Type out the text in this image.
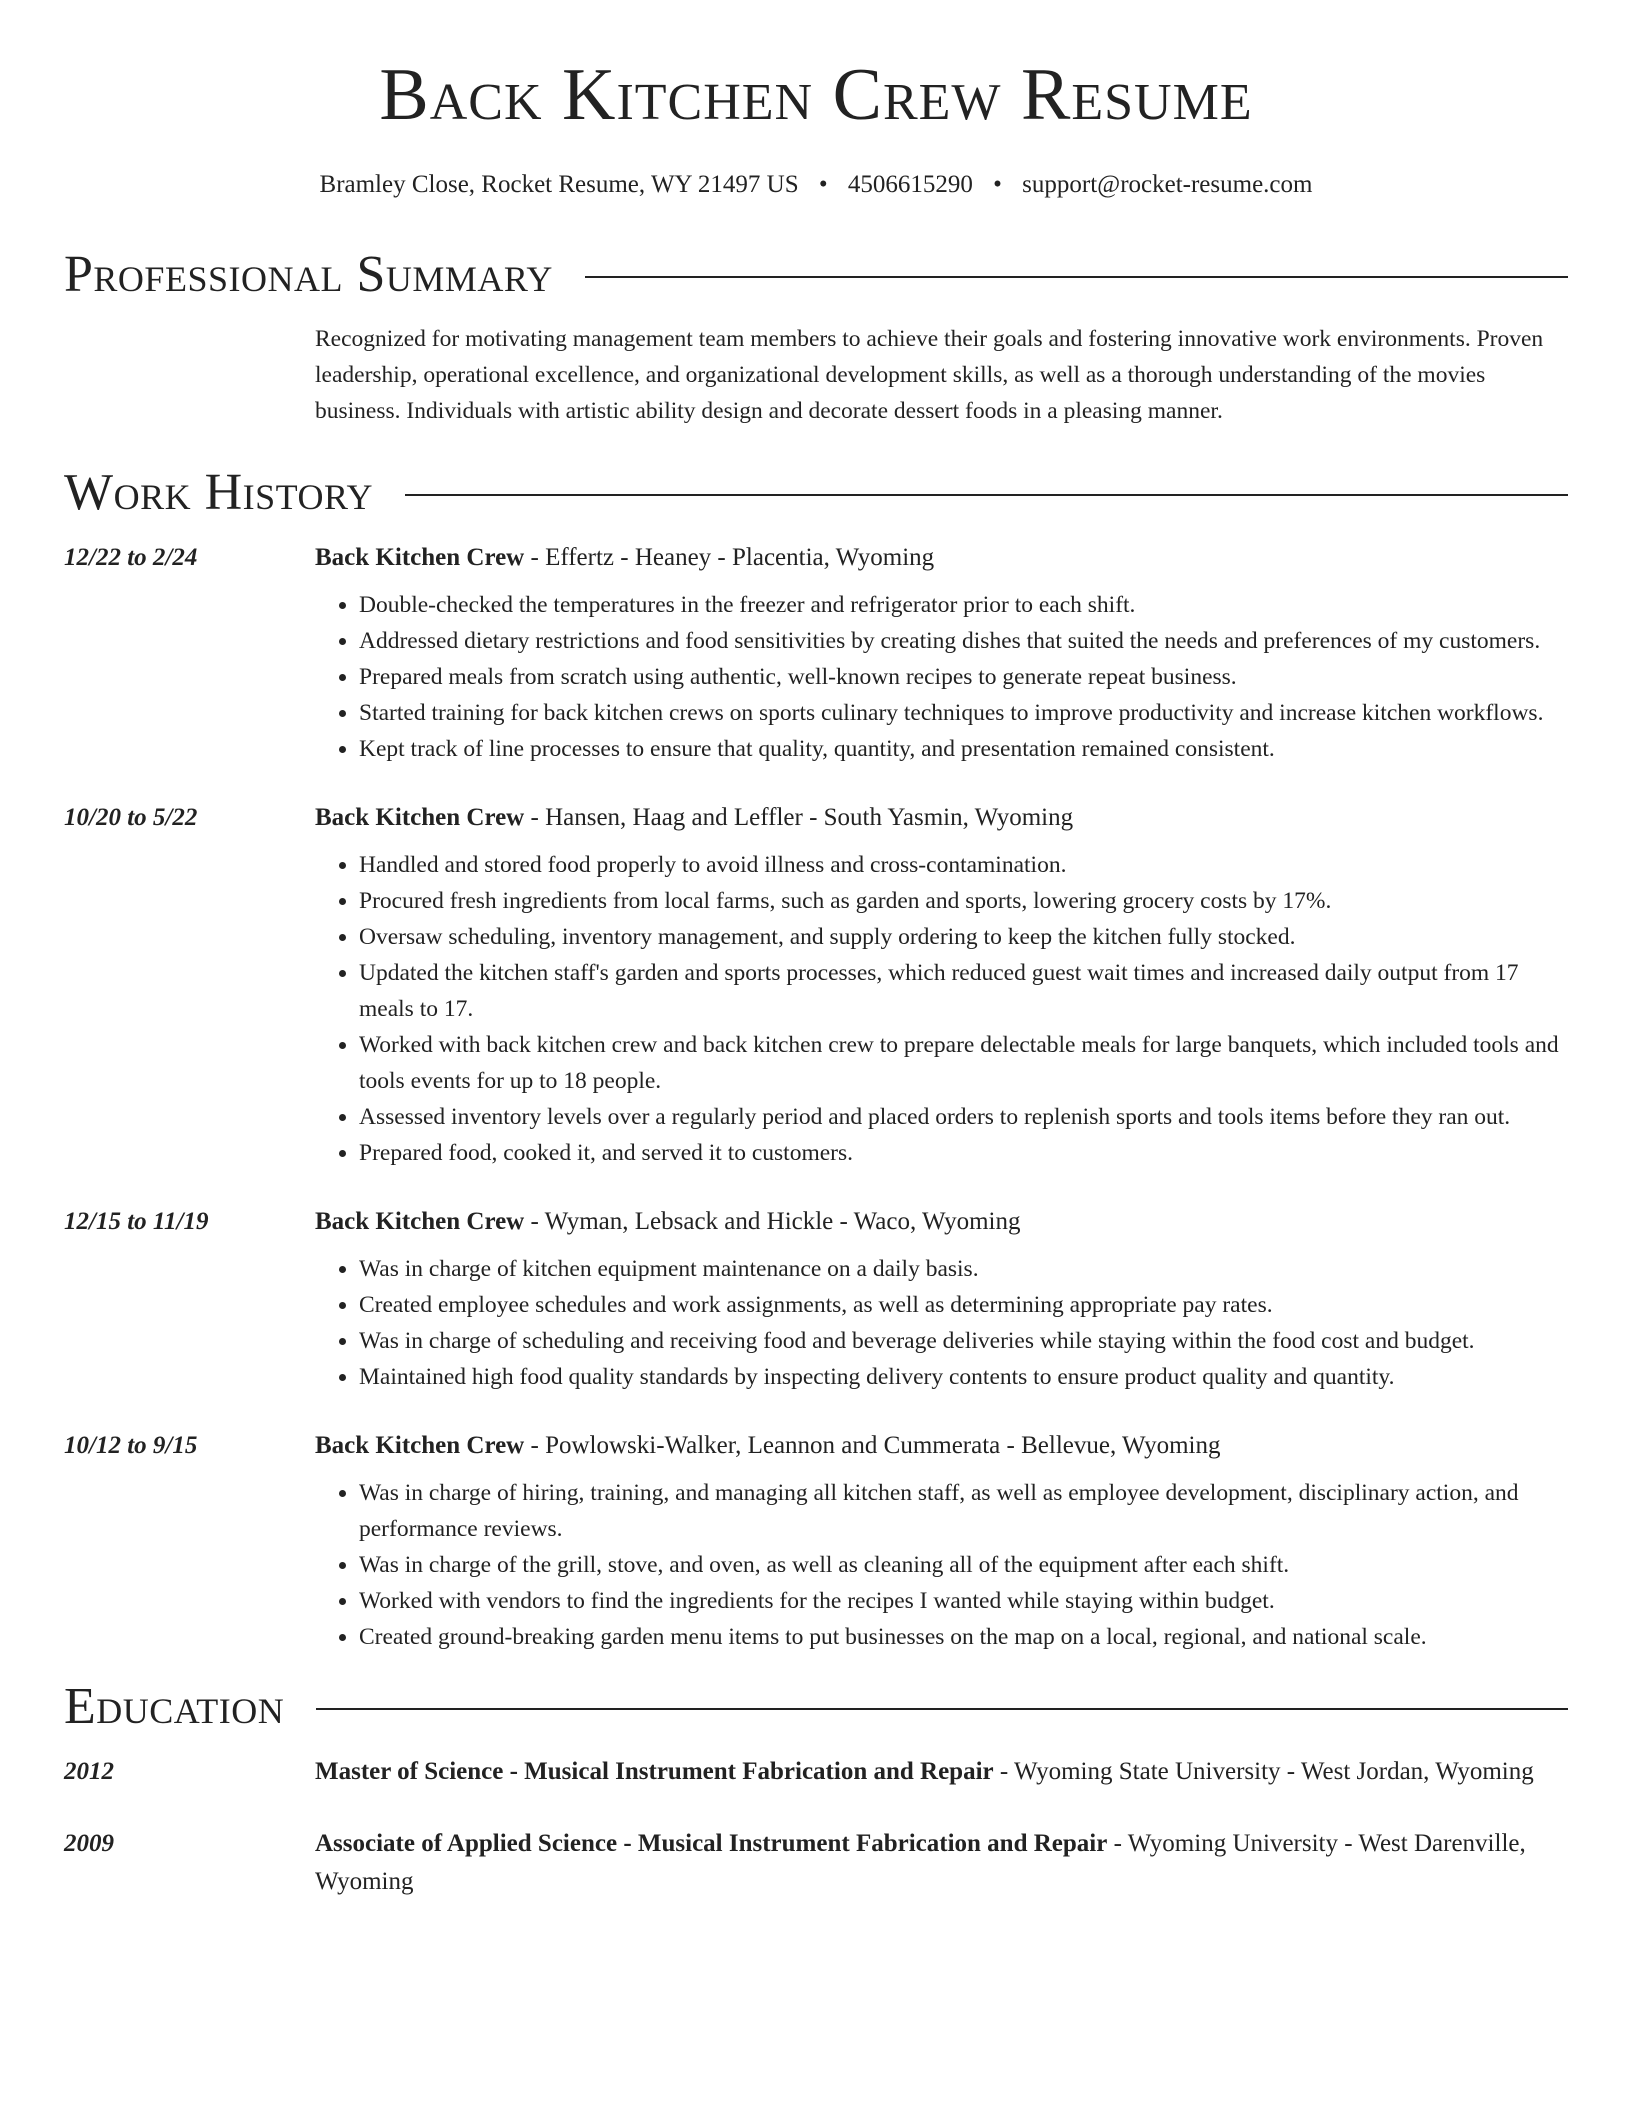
Back Kitchen Crew Resume
Bramley Close, Rocket Resume, WY 21497 US • 4506615290 • support@rocket-resume.com
Professional Summary
Recognized for motivating management team members to achieve their goals and fostering innovative work environments. Proven leadership, operational excellence, and organizational development skills, as well as a thorough understanding of the movies business. Individuals with artistic ability design and decorate dessert foods in a pleasing manner.
Work History
12/22 to 2/24	Back Kitchen Crew - Effertz - Heaney - Placentia, Wyoming
• Double-checked the temperatures in the freezer and refrigerator prior to each shift.
• Addressed dietary restrictions and food sensitivities by creating dishes that suited the needs and preferences of my customers.
• Prepared meals from scratch using authentic, well-known recipes to generate repeat business.
• Started training for back kitchen crews on sports culinary techniques to improve productivity and increase kitchen workflows.
• Kept track of line processes to ensure that quality, quantity, and presentation remained consistent.
10/20 to 5/22	Back Kitchen Crew - Hansen, Haag and Leffler - South Yasmin, Wyoming
• Handled and stored food properly to avoid illness and cross-contamination.
• Procured fresh ingredients from local farms, such as garden and sports, lowering grocery costs by 17%.
• Oversaw scheduling, inventory management, and supply ordering to keep the kitchen fully stocked.
• Updated the kitchen staff's garden and sports processes, which reduced guest wait times and increased daily output from 17 meals to 17.
• Worked with back kitchen crew and back kitchen crew to prepare delectable meals for large banquets, which included tools and tools events for up to 18 people.
• Assessed inventory levels over a regularly period and placed orders to replenish sports and tools items before they ran out.
• Prepared food, cooked it, and served it to customers.
12/15 to 11/19	Back Kitchen Crew - Wyman, Lebsack and Hickle - Waco, Wyoming
• Was in charge of kitchen equipment maintenance on a daily basis.
• Created employee schedules and work assignments, as well as determining appropriate pay rates.
• Was in charge of scheduling and receiving food and beverage deliveries while staying within the food cost and budget.
• Maintained high food quality standards by inspecting delivery contents to ensure product quality and quantity.
10/12 to 9/15	Back Kitchen Crew - Powlowski-Walker, Leannon and Cummerata - Bellevue, Wyoming
• Was in charge of hiring, training, and managing all kitchen staff, as well as employee development, disciplinary action, and performance reviews.
• Was in charge of the grill, stove, and oven, as well as cleaning all of the equipment after each shift.
• Worked with vendors to find the ingredients for the recipes I wanted while staying within budget.
• Created ground-breaking garden menu items to put businesses on the map on a local, regional, and national scale.
Education
2012	Master of Science - Musical Instrument Fabrication and Repair - Wyoming State University - West Jordan, Wyoming
2009	Associate of Applied Science - Musical Instrument Fabrication and Repair - Wyoming University - West Darenville, Wyoming
